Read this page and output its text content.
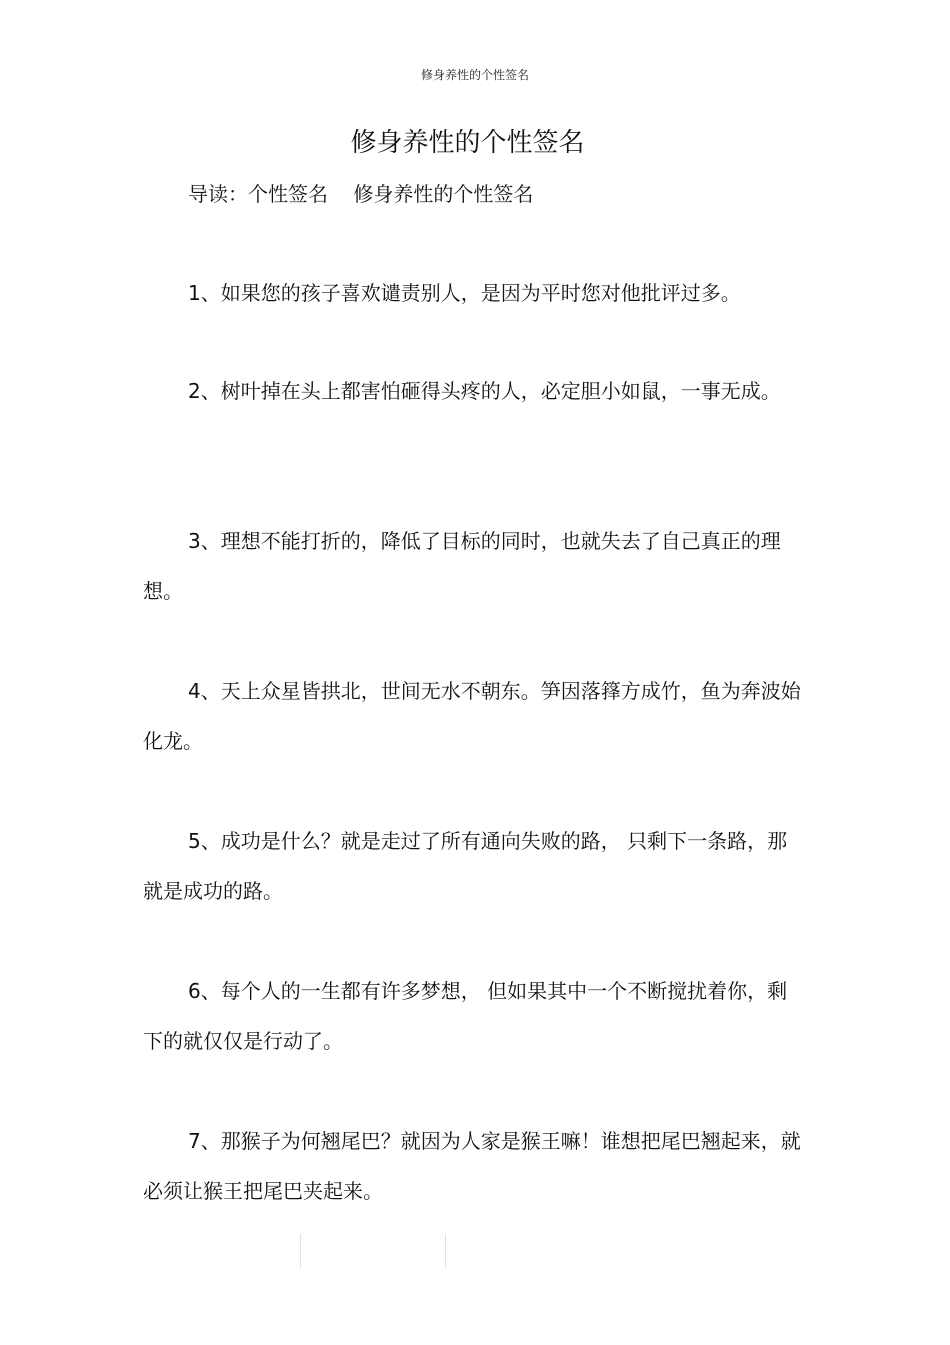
修身养性的个性签名
修身养性的个性签名
导读：个性签名    修身养性的个性签名

1、如果您的孩子喜欢谴责别人，是因为平时您对他批评过多。

2、树叶掉在头上都害怕砸得头疼的人，必定胆小如鼠，一事无成。

3、理想不能打折的，降低了目标的同时，也就失去了自己真正的理想。

4、天上众星皆拱北，世间无水不朝东。笋因落箨方成竹，鱼为奔波始化龙。

5、成功是什么？就是走过了所有通向失败的路， 只剩下一条路，那就是成功的路。

6、每个人的一生都有许多梦想， 但如果其中一个不断搅扰着你，剩下的就仅仅是行动了。

7、那猴子为何翘尾巴？就因为人家是猴王嘛！谁想把尾巴翘起来，就必须让猴王把尾巴夹起来。
